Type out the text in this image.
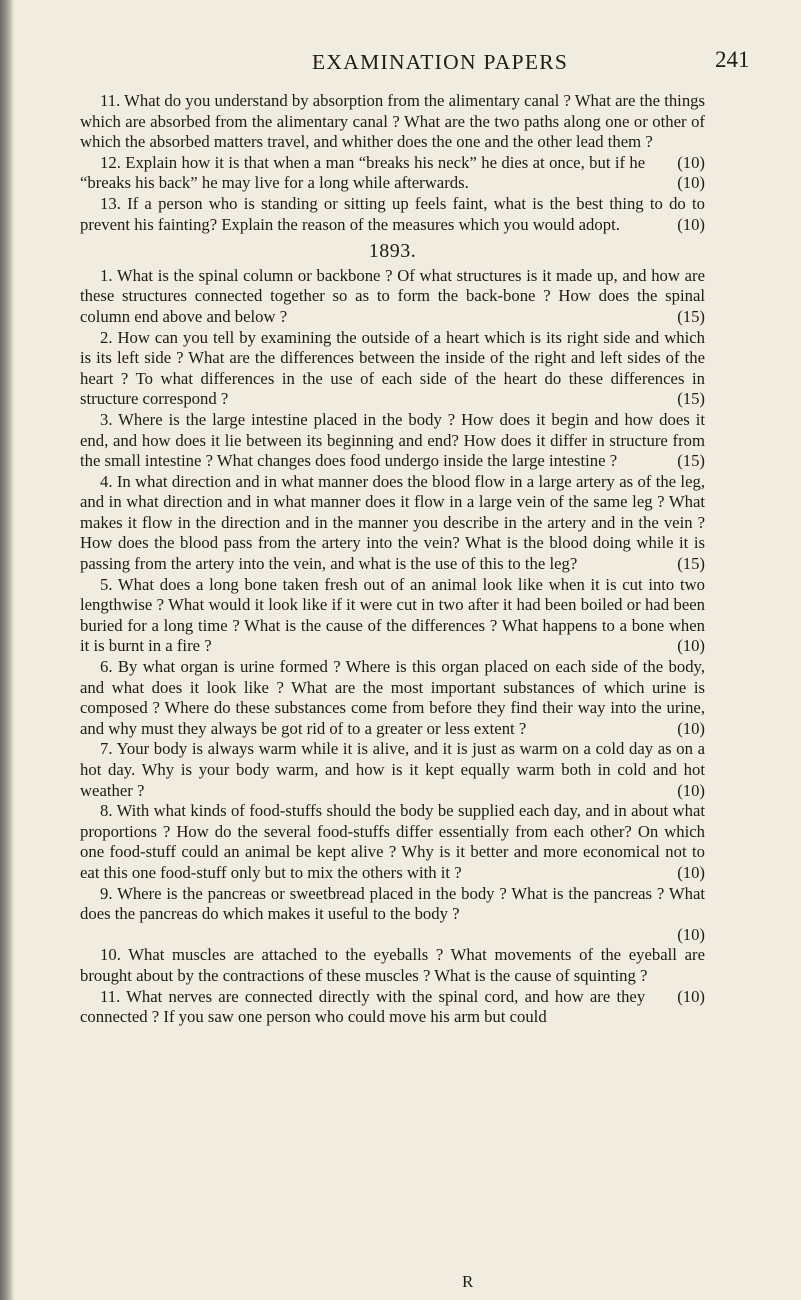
EXAMINATION PAPERS	241

11. What do you understand by absorption from the alimentary canal ? What are the things which are absorbed from the alimentary canal ? What are the two paths along one or other of which the absorbed matters travel, and whither does the one and the other lead them ?
(10)

12. Explain how it is that when a man “breaks his neck” he dies at once, but if he “breaks his back” he may live for a long while afterwards.	(10)

13. If a person who is standing or sitting up feels faint, what is the best thing to do to prevent his fainting? Explain the reason of the measures which you would adopt.	(10)

1893.

1. What is the spinal column or backbone ? Of what structures is it made up, and how are these structures connected together so as to form the back-bone ? How does the spinal column end above and below ?	(15)

2. How can you tell by examining the outside of a heart which is its right side and which is its left side ? What are the differences between the inside of the right and left sides of the heart ? To what differences in the use of each side of the heart do these differences in structure correspond ?	(15)

3. Where is the large intestine placed in the body ? How does it begin and how does it end, and how does it lie between its beginning and end? How does it differ in structure from the small intestine ? What changes does food undergo inside the large intestine ?	(15)

4. In what direction and in what manner does the blood flow in a large artery as of the leg, and in what direction and in what manner does it flow in a large vein of the same leg ? What makes it flow in the direction and in the manner you describe in the artery and in the vein ? How does the blood pass from the artery into the vein? What is the blood doing while it is passing from the artery into the vein, and what is the use of this to the leg?	(15)

5. What does a long bone taken fresh out of an animal look like when it is cut into two lengthwise ? What would it look like if it were cut in two after it had been boiled or had been buried for a long time ? What is the cause of the differences ? What happens to a bone when it is burnt in a fire ?	(10)

6. By what organ is urine formed ? Where is this organ placed on each side of the body, and what does it look like ? What are the most important substances of which urine is composed ? Where do these substances come from before they find their way into the urine, and why must they always be got rid of to a greater or less extent ?	(10)

7. Your body is always warm while it is alive, and it is just as warm on a cold day as on a hot day. Why is your body warm, and how is it kept equally warm both in cold and hot weather ?	(10)

8. With what kinds of food-stuffs should the body be supplied each day, and in about what proportions ? How do the several food-stuffs differ essentially from each other? On which one food-stuff could an animal be kept alive ? Why is it better and more economical not to eat this one food-stuff only but to mix the others with it ?	(10)

9. Where is the pancreas or sweetbread placed in the body ? What is the pancreas ? What does the pancreas do which makes it useful to the body ?
(10)

10. What muscles are attached to the eyeballs ? What movements of the eyeball are brought about by the contractions of these muscles ? What is the cause of squinting ?
(10)

11. What nerves are connected directly with the spinal cord, and how are they connected ? If you saw one person who could move his arm but could

R
